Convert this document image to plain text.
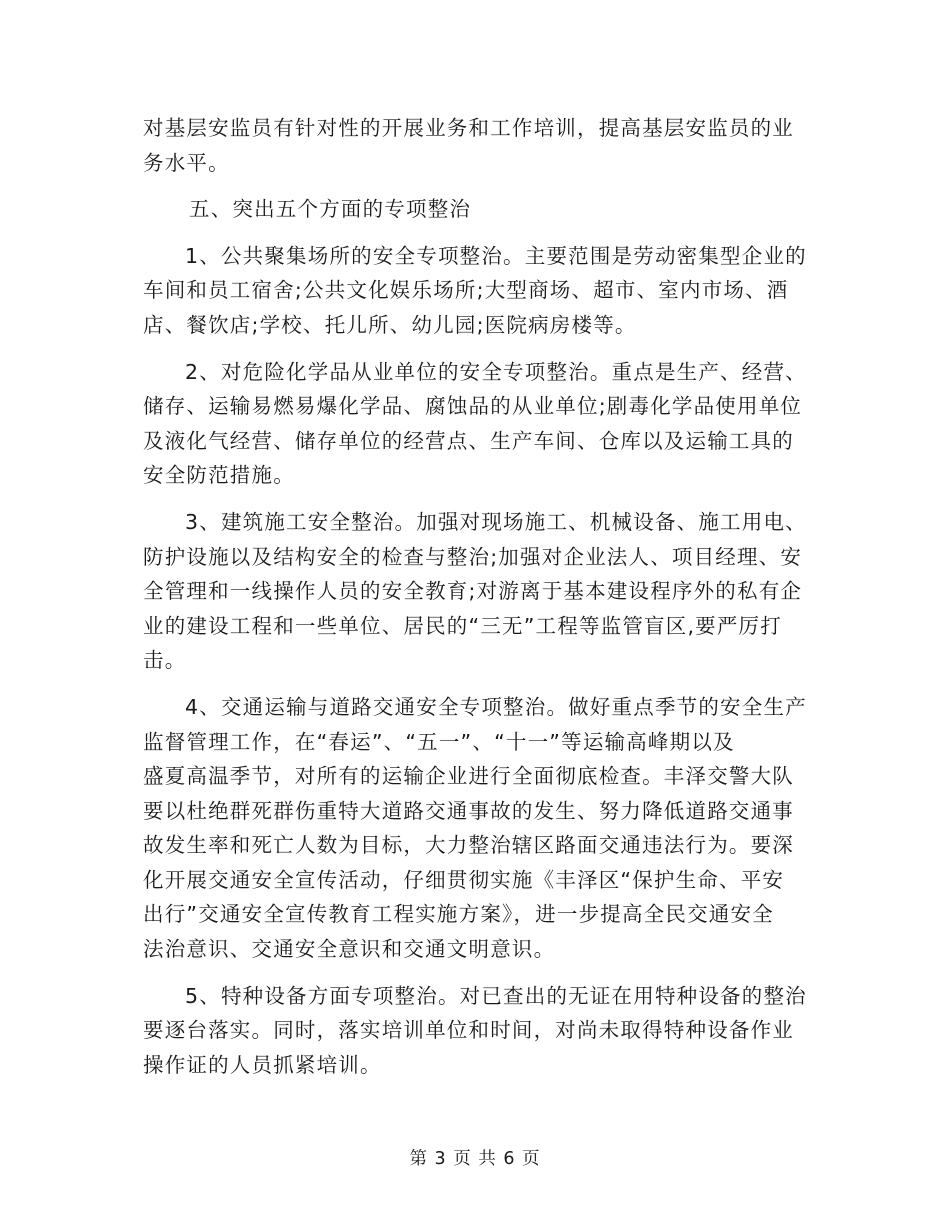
对基层安监员有针对性的开展业务和工作培训，提高基层安监员的业
务水平。
五、突出五个方面的专项整治
1、公共聚集场所的安全专项整治。主要范围是劳动密集型企业的
车间和员工宿舍;公共文化娱乐场所;大型商场、超市、室内市场、酒
店、餐饮店;学校、托儿所、幼儿园;医院病房楼等。
2、对危险化学品从业单位的安全专项整治。重点是生产、经营、
储存、运输易燃易爆化学品、腐蚀品的从业单位;剧毒化学品使用单位
及液化气经营、储存单位的经营点、生产车间、仓库以及运输工具的
安全防范措施。
3、建筑施工安全整治。加强对现场施工、机械设备、施工用电、
防护设施以及结构安全的检查与整治;加强对企业法人、项目经理、安
全管理和一线操作人员的安全教育;对游离于基本建设程序外的私有企
业的建设工程和一些单位、居民的“三无”工程等监管盲区,要严厉打
击。
4、交通运输与道路交通安全专项整治。做好重点季节的安全生产
监督管理工作，在“春运”、“五一”、“十一”等运输高峰期以及
盛夏高温季节，对所有的运输企业进行全面彻底检查。丰泽交警大队
要以杜绝群死群伤重特大道路交通事故的发生、努力降低道路交通事
故发生率和死亡人数为目标，大力整治辖区路面交通违法行为。要深
化开展交通安全宣传活动，仔细贯彻实施《丰泽区“保护生命、平安
出行”交通安全宣传教育工程实施方案》，进一步提高全民交通安全
法治意识、交通安全意识和交通文明意识。
5、特种设备方面专项整治。对已查出的无证在用特种设备的整治
要逐台落实。同时，落实培训单位和时间，对尚未取得特种设备作业
操作证的人员抓紧培训。
第 3 页 共 6 页
